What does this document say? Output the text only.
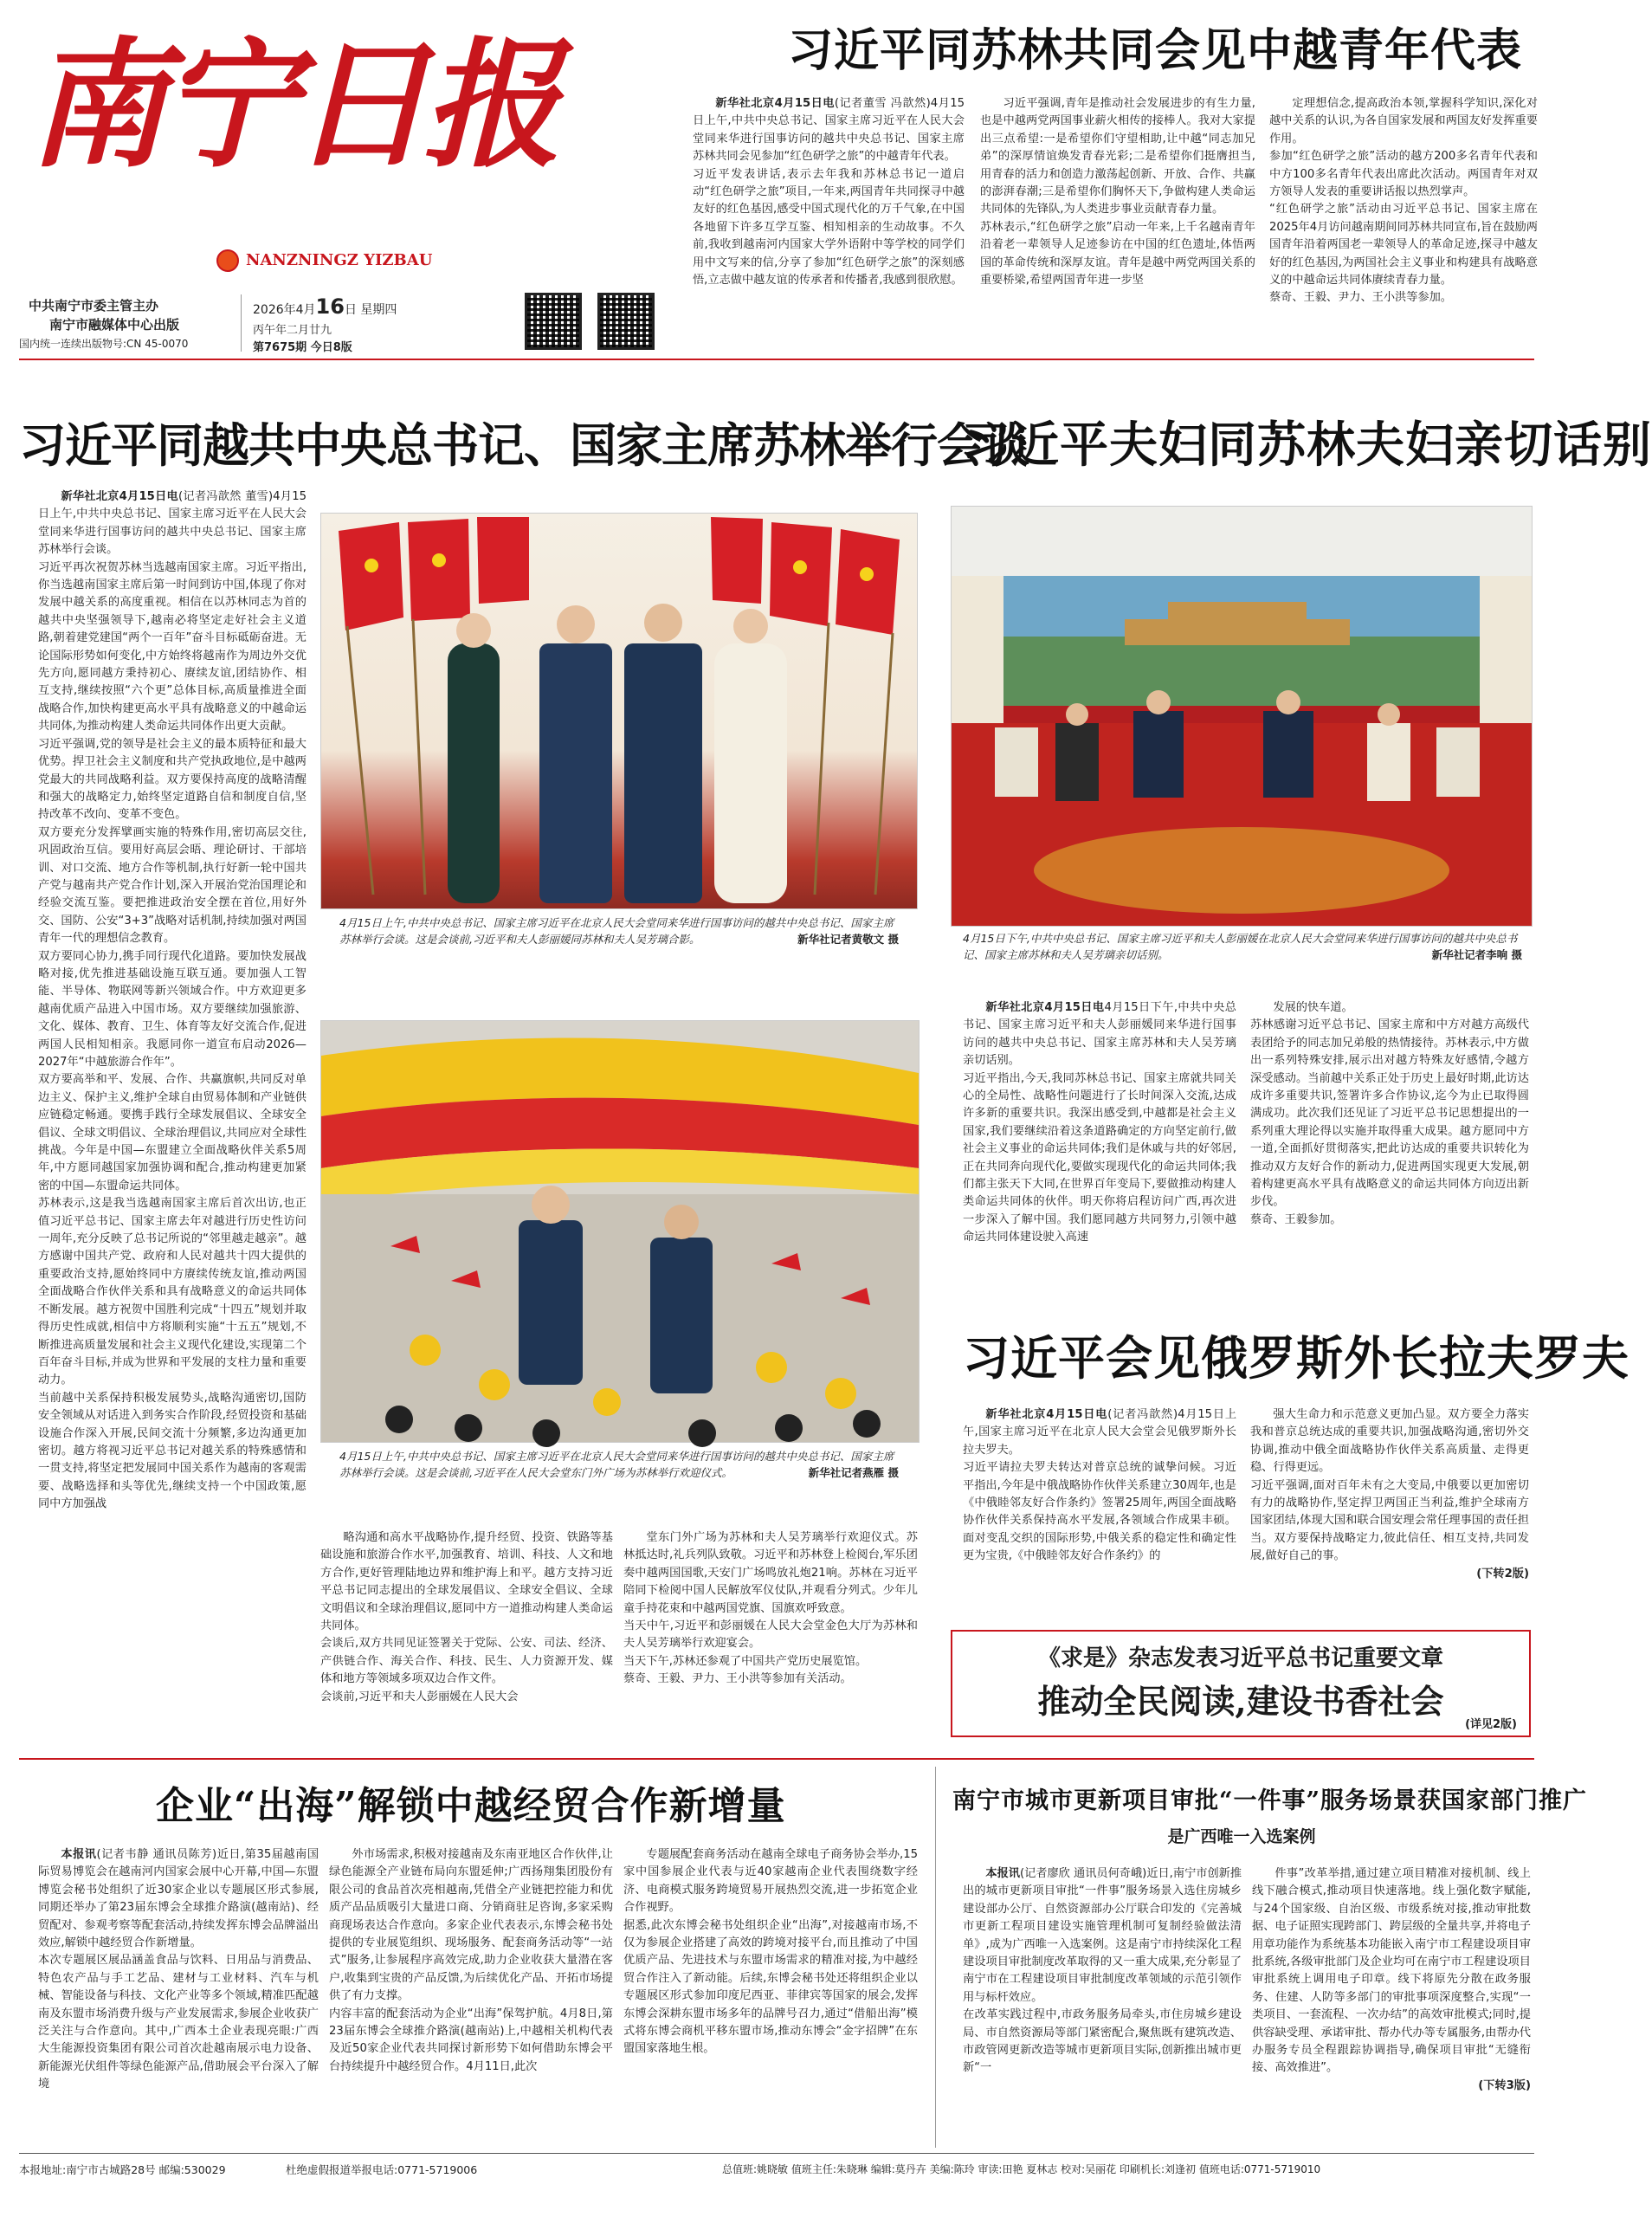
南宁日报
NANZNINGZ YIZBAU
中共南宁市委主管主办
南宁市融媒体中心出版
国内统一连续出版物号:CN 45-0070
2026年4月16日 星期四
丙午年二月廿九
第7675期 今日8版
习近平同苏林共同会见中越青年代表

新华社北京4月15日电(记者董雪 冯歆然)4月15日上午,中共中央总书记、国家主席习近平在人民大会堂同来华进行国事访问的越共中央总书记、国家主席苏林共同会见参加“红色研学之旅”的中越青年代表。
习近平发表讲话,表示去年我和苏林总书记一道启动“红色研学之旅”项目,一年来,两国青年共同探寻中越友好的红色基因,感受中国式现代化的万千气象,在中国各地留下许多互学互鉴、相知相亲的生动故事。不久前,我收到越南河内国家大学外语附中等学校的同学们用中文写来的信,分享了参加“红色研学之旅”的深刻感悟,立志做中越友谊的传承者和传播者,我感到很欣慰。

习近平强调,青年是推动社会发展进步的有生力量,也是中越两党两国事业薪火相传的接棒人。我对大家提出三点希望:一是希望你们守望相助,让中越“同志加兄弟”的深厚情谊焕发青春光彩;二是希望你们挺膺担当,用青春的活力和创造力激荡起创新、开放、合作、共赢的澎湃春潮;三是希望你们胸怀天下,争做构建人类命运共同体的先锋队,为人类进步事业贡献青春力量。
苏林表示,“红色研学之旅”启动一年来,上千名越南青年沿着老一辈领导人足迹参访在中国的红色遗址,体悟两国的革命传统和深厚友谊。青年是越中两党两国关系的重要桥梁,希望两国青年进一步坚

定理想信念,提高政治本领,掌握科学知识,深化对越中关系的认识,为各自国家发展和两国友好发挥重要作用。
参加“红色研学之旅”活动的越方200多名青年代表和中方100多名青年代表出席此次活动。两国青年对双方领导人发表的重要讲话报以热烈掌声。
“红色研学之旅”活动由习近平总书记、国家主席在2025年4月访问越南期间同苏林共同宣布,旨在鼓励两国青年沿着两国老一辈领导人的革命足迹,探寻中越友好的红色基因,为两国社会主义事业和构建具有战略意义的中越命运共同体赓续青春力量。
蔡奇、王毅、尹力、王小洪等参加。

习近平同越共中央总书记、国家主席苏林举行会谈
习近平夫妇同苏林夫妇亲切话别

新华社北京4月15日电(记者冯歆然 董雪)4月15日上午,中共中央总书记、国家主席习近平在人民大会堂同来华进行国事访问的越共中央总书记、国家主席苏林举行会谈。
习近平再次祝贺苏林当选越南国家主席。习近平指出,你当选越南国家主席后第一时间到访中国,体现了你对发展中越关系的高度重视。相信在以苏林同志为首的越共中央坚强领导下,越南必将坚定走好社会主义道路,朝着建党建国“两个一百年”奋斗目标砥砺奋进。无论国际形势如何变化,中方始终将越南作为周边外交优先方向,愿同越方秉持初心、赓续友谊,团结协作、相互支持,继续按照“六个更”总体目标,高质量推进全面战略合作,加快构建更高水平具有战略意义的中越命运共同体,为推动构建人类命运共同体作出更大贡献。
习近平强调,党的领导是社会主义的最本质特征和最大优势。捍卫社会主义制度和共产党执政地位,是中越两党最大的共同战略利益。双方要保持高度的战略清醒和强大的战略定力,始终坚定道路自信和制度自信,坚持改革不改向、变革不变色。
双方要充分发挥擘画实施的特殊作用,密切高层交往,巩固政治互信。要用好高层会晤、理论研讨、干部培训、对口交流、地方合作等机制,执行好新一轮中国共产党与越南共产党合作计划,深入开展治党治国理论和经验交流互鉴。要把推进政治安全摆在首位,用好外交、国防、公安“3+3”战略对话机制,持续加强对两国青年一代的理想信念教育。
双方要同心协力,携手同行现代化道路。要加快发展战略对接,优先推进基础设施互联互通。要加强人工智能、半导体、物联网等新兴领域合作。中方欢迎更多越南优质产品进入中国市场。双方要继续加强旅游、文化、媒体、教育、卫生、体育等友好交流合作,促进两国人民相知相亲。我愿同你一道宣布启动2026—2027年“中越旅游合作年”。
双方要高举和平、发展、合作、共赢旗帜,共同反对单边主义、保护主义,维护全球自由贸易体制和产业链供应链稳定畅通。要携手践行全球发展倡议、全球安全倡议、全球文明倡议、全球治理倡议,共同应对全球性挑战。今年是中国—东盟建立全面战略伙伴关系5周年,中方愿同越国家加强协调和配合,推动构建更加紧密的中国—东盟命运共同体。
苏林表示,这是我当选越南国家主席后首次出访,也正值习近平总书记、国家主席去年对越进行历史性访问一周年,充分反映了总书记所说的“邻里越走越亲”。越方感谢中国共产党、政府和人民对越共十四大提供的重要政治支持,愿始终同中方赓续传统友谊,推动两国全面战略合作伙伴关系和具有战略意义的命运共同体不断发展。越方祝贺中国胜利完成“十四五”规划并取得历史性成就,相信中方将顺利实施“十五五”规划,不断推进高质量发展和社会主义现代化建设,实现第二个百年奋斗目标,并成为世界和平发展的支柱力量和重要动力。
当前越中关系保持积极发展势头,战略沟通密切,国防安全领域从对话进入到务实合作阶段,经贸投资和基础设施合作深入开展,民间交流十分频繁,多边沟通更加密切。越方将视习近平总书记对越关系的特殊感情和一贯支持,将坚定把发展同中国关系作为越南的客观需要、战略选择和头等优先,继续支持一个中国政策,愿同中方加强战

4月15日上午,中共中央总书记、国家主席习近平在北京人民大会堂同来华进行国事访问的越共中央总书记、国家主席苏林举行会谈。这是会谈前,习近平和夫人彭丽媛同苏林和夫人吴芳璃合影。	新华社记者黄敬文 摄	4月15日下午,中共中央总书记、国家主席习近平和夫人彭丽媛在北京人民大会堂同来华进行国事访问的越共中央总书记、国家主席苏林和夫人吴芳璃亲切话别。	新华社记者李响 摄
4月15日上午,中共中央总书记、国家主席习近平在北京人民大会堂同来华进行国事访问的越共中央总书记、国家主席苏林举行会谈。这是会谈前,习近平在人民大会堂东门外广场为苏林举行欢迎仪式。	新华社记者燕雁 摄

略沟通和高水平战略协作,提升经贸、投资、铁路等基础设施和旅游合作水平,加强教育、培训、科技、人文和地方合作,更好管理陆地边界和维护海上和平。越方支持习近平总书记同志提出的全球发展倡议、全球安全倡议、全球文明倡议和全球治理倡议,愿同中方一道推动构建人类命运共同体。
会谈后,双方共同见证签署关于党际、公安、司法、经济、产供链合作、海关合作、科技、民生、人力资源开发、媒体和地方等领域多项双边合作文件。
会谈前,习近平和夫人彭丽媛在人民大会

堂东门外广场为苏林和夫人吴芳璃举行欢迎仪式。苏林抵达时,礼兵列队致敬。习近平和苏林登上检阅台,军乐团奏中越两国国歌,天安门广场鸣放礼炮21响。苏林在习近平陪同下检阅中国人民解放军仪仗队,并观看分列式。少年儿童手持花束和中越两国党旗、国旗欢呼致意。
当天中午,习近平和彭丽媛在人民大会堂金色大厅为苏林和夫人吴芳璃举行欢迎宴会。
当天下午,苏林还参观了中国共产党历史展览馆。
蔡奇、王毅、尹力、王小洪等参加有关活动。

新华社北京4月15日电4月15日下午,中共中央总书记、国家主席习近平和夫人彭丽媛同来华进行国事访问的越共中央总书记、国家主席苏林和夫人吴芳璃亲切话别。
习近平指出,今天,我同苏林总书记、国家主席就共同关心的全局性、战略性问题进行了长时间深入交流,达成许多新的重要共识。我深出感受到,中越都是社会主义国家,我们要继续沿着这条道路确定的方向坚定前行,做社会主义事业的命运共同体;我们是休戚与共的好邻居,正在共同奔向现代化,要做实现现代化的命运共同体;我们都主张天下大同,在世界百年变局下,要做推动构建人类命运共同体的伙伴。明天你将启程访问广西,再次进一步深入了解中国。我们愿同越方共同努力,引领中越命运共同体建设驶入高速

发展的快车道。
苏林感谢习近平总书记、国家主席和中方对越方高级代表团给予的同志加兄弟般的热情接待。苏林表示,中方做出一系列特殊安排,展示出对越方特殊友好感情,令越方深受感动。当前越中关系正处于历史上最好时期,此访达成许多重要共识,签署许多合作协议,迄今为止已取得圆满成功。此次我们还见证了习近平总书记思想提出的一系列重大理论得以实施并取得重大成果。越方愿同中方一道,全面抓好贯彻落实,把此访达成的重要共识转化为推动双方友好合作的新动力,促进两国实现更大发展,朝着构建更高水平具有战略意义的命运共同体方向迈出新步伐。
蔡奇、王毅参加。

习近平会见俄罗斯外长拉夫罗夫

新华社北京4月15日电(记者冯歆然)4月15日上午,国家主席习近平在北京人民大会堂会见俄罗斯外长拉夫罗夫。
习近平请拉夫罗夫转达对普京总统的诚挚问候。习近平指出,今年是中俄战略协作伙伴关系建立30周年,也是《中俄睦邻友好合作条约》签署25周年,两国全面战略协作伙伴关系保持高水平发展,各领域合作成果丰硕。面对变乱交织的国际形势,中俄关系的稳定性和确定性更为宝贵,《中俄睦邻友好合作条约》的

强大生命力和示范意义更加凸显。双方要全力落实我和普京总统达成的重要共识,加强战略沟通,密切外交协调,推动中俄全面战略协作伙伴关系高质量、走得更稳、行得更远。
习近平强调,面对百年未有之大变局,中俄要以更加密切有力的战略协作,坚定捍卫两国正当利益,维护全球南方国家团结,体现大国和联合国安理会常任理事国的责任担当。双方要保持战略定力,彼此信任、相互支持,共同发展,做好自己的事。

(下转2版)
《求是》杂志发表习近平总书记重要文章
推动全民阅读,建设书香社会
(详见2版)
企业“出海”解锁中越经贸合作新增量

本报讯(记者韦静 通讯员陈芳)近日,第35届越南国际贸易博览会在越南河内国家会展中心开幕,中国—东盟博览会秘书处组织了近30家企业以专题展区形式参展,同期还举办了第23届东博会全球推介路演(越南站)、经贸配对、参观考察等配套活动,持续发挥东博会品牌溢出效应,解锁中越经贸合作新增量。
本次专题展区展品涵盖食品与饮料、日用品与消费品、特色农产品与手工艺品、建材与工业材料、汽车与机械、智能设备与科技、文化产业等多个领域,精准匹配越南及东盟市场消费升级与产业发展需求,参展企业收获广泛关注与合作意向。其中,广西本土企业表现亮眼:广西大生能源投资集团有限公司首次赴越南展示电力设备、新能源光伏组件等绿色能源产品,借助展会平台深入了解境

外市场需求,积极对接越南及东南亚地区合作伙伴,让绿色能源全产业链布局向东盟延伸;广西扬翔集团股份有限公司的食品首次亮相越南,凭借全产业链把控能力和优质产品品质吸引大量进口商、分销商驻足咨询,多家采购商现场表达合作意向。多家企业代表表示,东博会秘书处提供的专业展览组织、现场服务、配套商务活动等“一站式”服务,让参展程序高效完成,助力企业收获大量潜在客户,收集到宝贵的产品反馈,为后续优化产品、开拓市场提供了有力支撑。
内容丰富的配套活动为企业“出海”保驾护航。4月8日,第23届东博会全球推介路演(越南站)上,中越相关机构代表及近50家企业代表共同探讨新形势下如何借助东博会平台持续提升中越经贸合作。4月11日,此次

专题展配套商务活动在越南全球电子商务协会举办,15家中国参展企业代表与近40家越南企业代表围绕数字经济、电商模式服务跨境贸易开展热烈交流,进一步拓宽企业合作视野。
据悉,此次东博会秘书处组织企业“出海”,对接越南市场,不仅为参展企业搭建了高效的跨境对接平台,而且推动了中国优质产品、先进技术与东盟市场需求的精准对接,为中越经贸合作注入了新动能。后续,东博会秘书处还将组织企业以专题展区形式参加印度尼西亚、菲律宾等国家的展会,发挥东博会深耕东盟市场多年的品牌号召力,通过“借船出海”模式将东博会商机平移东盟市场,推动东博会“金字招牌”在东盟国家落地生根。

南宁市城市更新项目审批“一件事”服务场景获国家部门推广
是广西唯一入选案例

本报讯(记者廖欣 通讯员何奇峨)近日,南宁市创新推出的城市更新项目审批“一件事”服务场景入选住房城乡建设部办公厅、自然资源部办公厅联合印发的《完善城市更新工程项目建设实施管理机制可复制经验做法清单》,成为广西唯一入选案例。这是南宁市持续深化工程建设项目审批制度改革取得的又一重大成果,充分彰显了南宁市在工程建设项目审批制度改革领域的示范引领作用与标杆效应。
在改革实践过程中,市政务服务局牵头,市住房城乡建设局、市自然资源局等部门紧密配合,聚焦既有建筑改造、市政管网更新改造等城市更新项目实际,创新推出城市更新“一

件事”改革举措,通过建立项目精准对接机制、线上线下融合模式,推动项目快速落地。线上强化数字赋能,与24个国家级、自治区级、市级系统对接,推动审批数据、电子证照实现跨部门、跨层级的全量共享,并将电子用章功能作为系统基本功能嵌入南宁市工程建设项目审批系统,各级审批部门及企业均可在南宁市工程建设项目审批系统上调用电子印章。线下将原先分散在政务服务、住建、人防等多部门的审批事项深度整合,实现“一类项目、一套流程、一次办结”的高效审批模式;同时,提供容缺受理、承诺审批、帮办代办等专属服务,由帮办代办服务专员全程跟踪协调指导,确保项目审批“无缝衔接、高效推进”。

(下转3版)
本报地址:南宁市古城路28号 邮编:530029	杜绝虚假报道举报电话:0771-5719006	总值班:姚晓敏 值班主任:朱晓琳 编辑:莫丹卉 美编:陈玲 审读:田艳 夏林志 校对:吴丽花 印刷机长:刘逢初 值班电话:0771-5719010
